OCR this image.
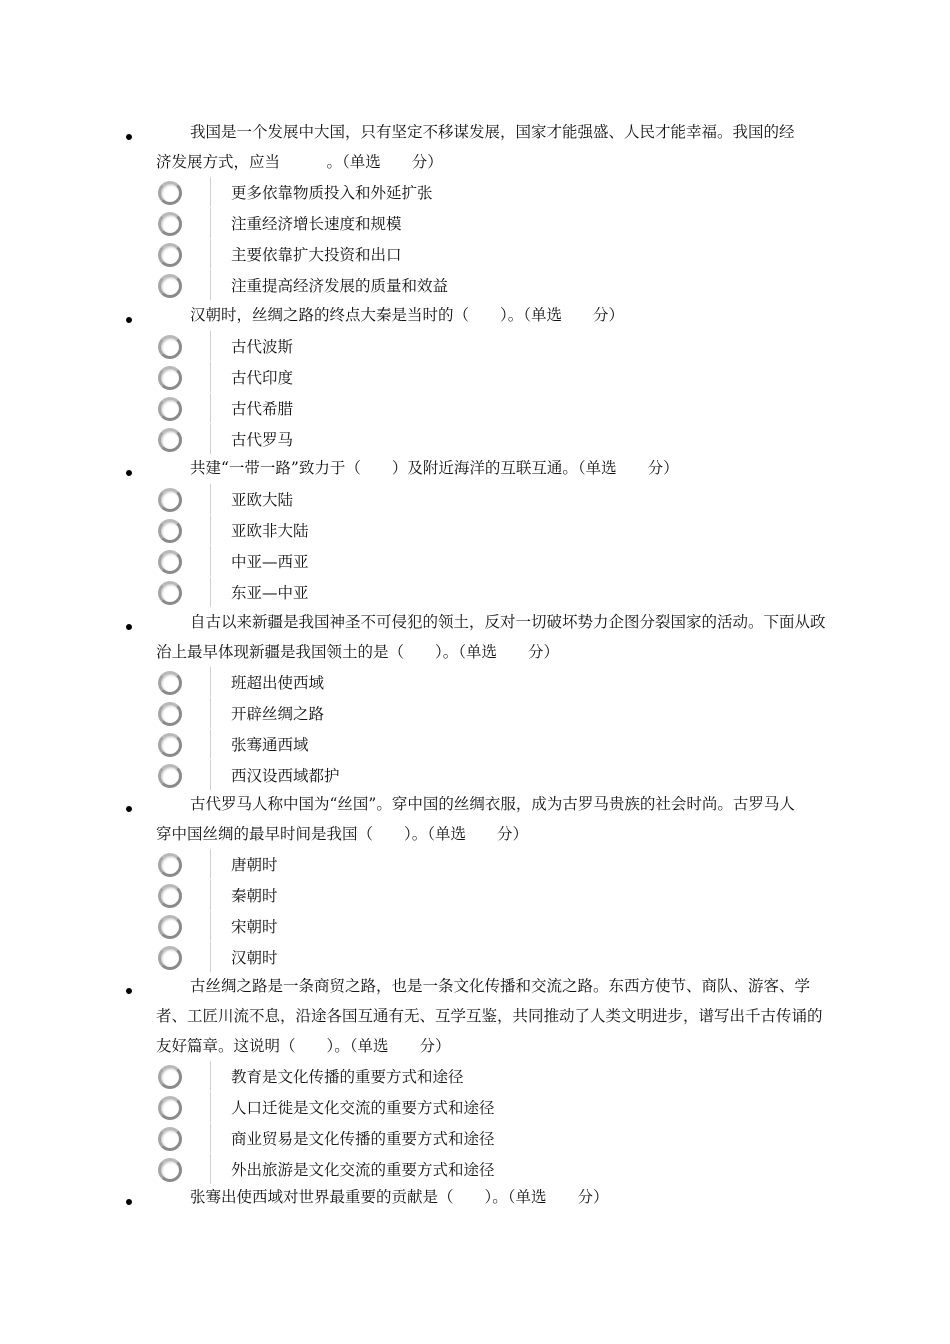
我国是一个发展中大国，只有坚定不移谋发展，国家才能强盛、人民才能幸福。我国的经济发展方式，应当　　　。（单选　　分）
更多依靠物质投入和外延扩张
注重经济增长速度和规模
主要依靠扩大投资和出口
注重提高经济发展的质量和效益
汉朝时，丝绸之路的终点大秦是当时的（　　）。（单选　　分）
古代波斯
古代印度
古代希腊
古代罗马
共建“一带一路”致力于（　　）及附近海洋的互联互通。（单选　　分）
亚欧大陆
亚欧非大陆
中亚—西亚
东亚—中亚
自古以来新疆是我国神圣不可侵犯的领土，反对一切破坏势力企图分裂国家的活动。下面从政治上最早体现新疆是我国领土的是（　　）。（单选　　分）
班超出使西域
开辟丝绸之路
张骞通西域
西汉设西域都护
古代罗马人称中国为“丝国”。穿中国的丝绸衣服，成为古罗马贵族的社会时尚。古罗马人穿中国丝绸的最早时间是我国（　　）。（单选　　分）
唐朝时
秦朝时
宋朝时
汉朝时
古丝绸之路是一条商贸之路，也是一条文化传播和交流之路。东西方使节、商队、游客、学者、工匠川流不息，沿途各国互通有无、互学互鉴，共同推动了人类文明进步，谱写出千古传诵的友好篇章。这说明（　　）。（单选　　分）
教育是文化传播的重要方式和途径
人口迁徙是文化交流的重要方式和途径
商业贸易是文化传播的重要方式和途径
外出旅游是文化交流的重要方式和途径
张骞出使西域对世界最重要的贡献是（　　）。（单选　　分）
